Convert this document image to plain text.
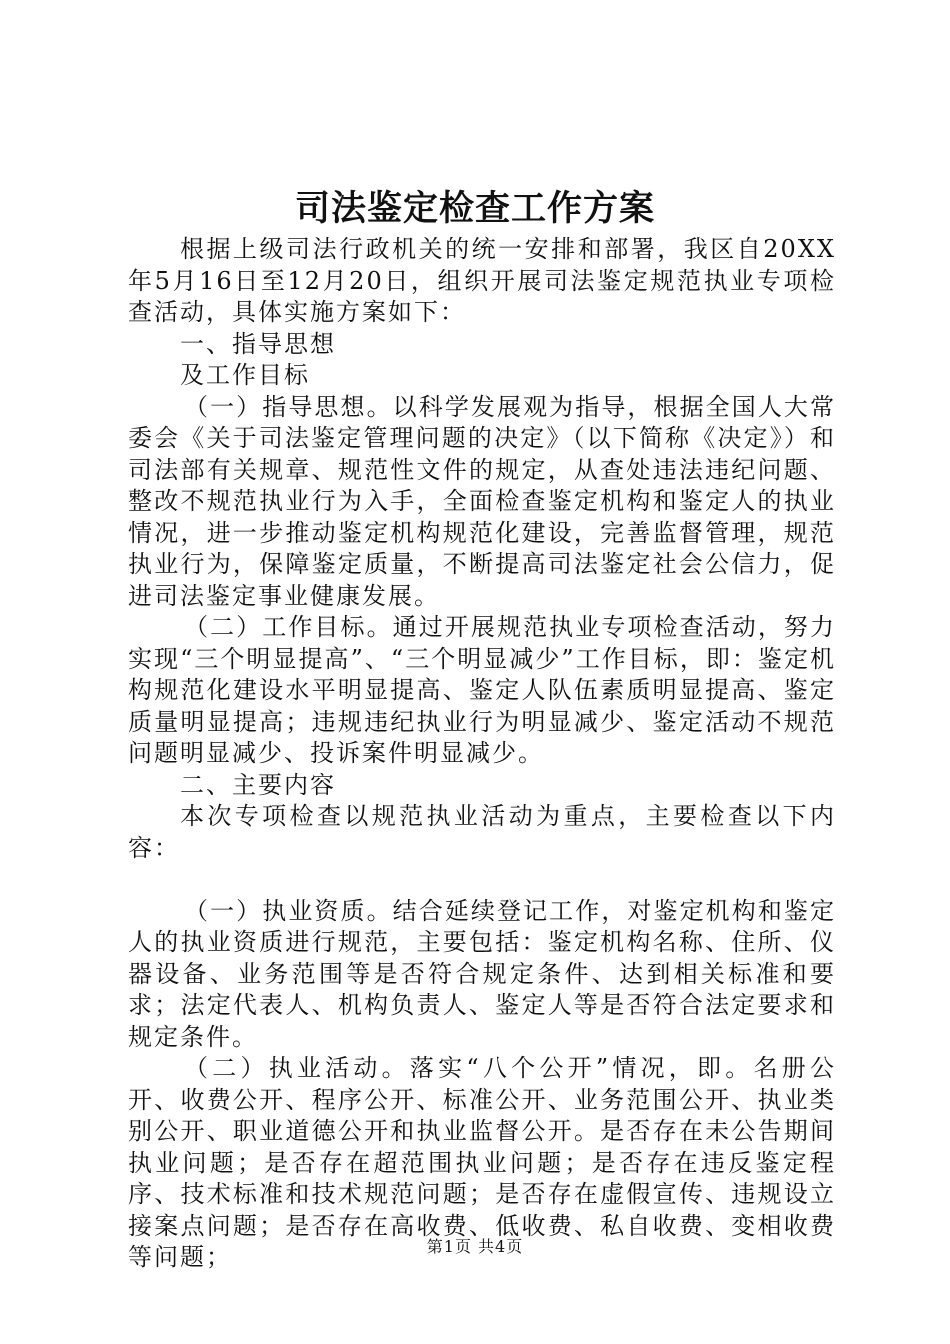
司法鉴定检查工作方案

根据上级司法行政机关的统一安排和部署，我区自20XX年5月16日至12月20日，组织开展司法鉴定规范执业专项检查活动，具体实施方案如下：

一、指导思想

及工作目标

（一）指导思想。以科学发展观为指导，根据全国人大常委会《关于司法鉴定管理问题的决定》（以下简称《决定》）和司法部有关规章、规范性文件的规定，从查处违法违纪问题、整改不规范执业行为入手，全面检查鉴定机构和鉴定人的执业情况，进一步推动鉴定机构规范化建设，完善监督管理，规范执业行为，保障鉴定质量，不断提高司法鉴定社会公信力，促进司法鉴定事业健康发展。

（二）工作目标。通过开展规范执业专项检查活动，努力实现“三个明显提高”、“三个明显减少”工作目标，即：鉴定机构规范化建设水平明显提高、鉴定人队伍素质明显提高、鉴定质量明显提高；违规违纪执业行为明显减少、鉴定活动不规范问题明显减少、投诉案件明显减少。

二、主要内容

本次专项检查以规范执业活动为重点，主要检查以下内容：

（一）执业资质。结合延续登记工作，对鉴定机构和鉴定人的执业资质进行规范，主要包括：鉴定机构名称、住所、仪器设备、业务范围等是否符合规定条件、达到相关标准和要求；法定代表人、机构负责人、鉴定人等是否符合法定要求和规定条件。

（二）执业活动。落实“八个公开”情况，即。名册公开、收费公开、程序公开、标准公开、业务范围公开、执业类别公开、职业道德公开和执业监督公开。是否存在未公告期间执业问题；是否存在超范围执业问题；是否存在违反鉴定程序、技术标准和技术规范问题；是否存在虚假宣传、违规设立接案点问题；是否存在高收费、低收费、私自收费、变相收费等问题；	第1页 共4页
